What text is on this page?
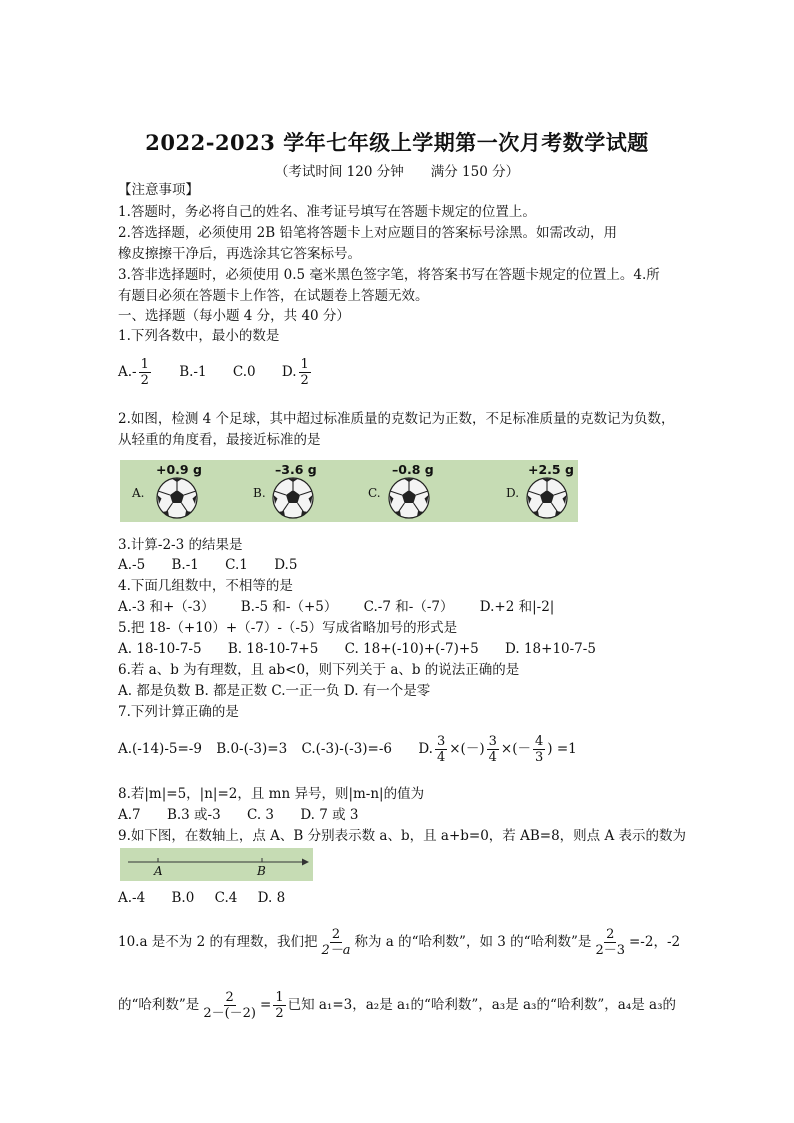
2022-2023 学年七年级上学期第一次月考数学试题
（考试时间 120 分钟　　满分 150 分）
【注意事项】
1.答题时，务必将自己的姓名、准考证号填写在答题卡规定的位置上。
2.答选择题，必须使用 2B 铅笔将答题卡上对应题目的答案标号涂黑。如需改动，用
橡皮擦擦干净后，再选涂其它答案标号。
3.答非选择题时，必须使用 0.5 毫米黑色签字笔，将答案书写在答题卡规定的位置上。4.所
有题目必须在答题卡上作答，在试题卷上答题无效。
一、选择题（每小题 4 分，共 40 分）
1.下列各数中，最小的数是
$A.- \frac{1}{2} B.-1$ C.0 D. $\frac{1}{2}$
2.如图，检测 4 个足球，其中超过标准质量的克数记为正数，不足标准质量的克数记为负数，
从轻重的角度看，最接近标准的是
+0.9 g
A.
–3.6 g
B.
–0.8 g
C.
+2.5 g
D.
3.计算-2-3 的结果是
A.-5 B.-1 C.1 D.5
4.下面几组数中，不相等的是
A.-3 和+（-3） B.-5 和-（+5） C.-7 和-（-7） D.+2 和|-2|
5.把 18-（+10）+（-7）-（-5）写成省略加号的形式是
A. 18-10-7-5 B. 18-10-7+5 C. 18+(-10)+(-7)+5 D. 18+10-7-5
6.若 a、b 为有理数，且 ab<0，则下列关于 a、b 的说法正确的是
A. 都是负数 B. 都是正数 C.一正一负 D. 有一个是零
7.下列计算正确的是
A.(-14)-5=-9 B.0-(-3)=3 C.(-3)-(-3)=-6 D. $\frac{3}{4}$ ×(－) $\frac{3}{4}$ ×(－ $\frac{4}{3}$ ) =1
8.若|m|=5，|n|=2，且 mn 异号，则|m-n|的值为
A.7 B.3 或-3 C. 3 D. 7 或 3
9.如下图，在数轴上，点 A、B 分别表示数 a、b，且 a+b=0，若 AB=8，则点 A 表示的数为
A	B
A.-4 B.0 C.4 D. 8
10.a 是不为 2 的有理数，我们把 $\frac{2}{2-a}$ 称为 a 的“哈利数”，如 3 的“哈利数”是 $\frac{2}{2-3} =-2$，-2
的“哈利数”是 $\frac{2}{2-(-2)} = \frac{1}{2}$ 已知 a₁=3，a₂是 a₁的“哈利数”，a₃是 a₃的“哈利数”，a₄是 a₃的
